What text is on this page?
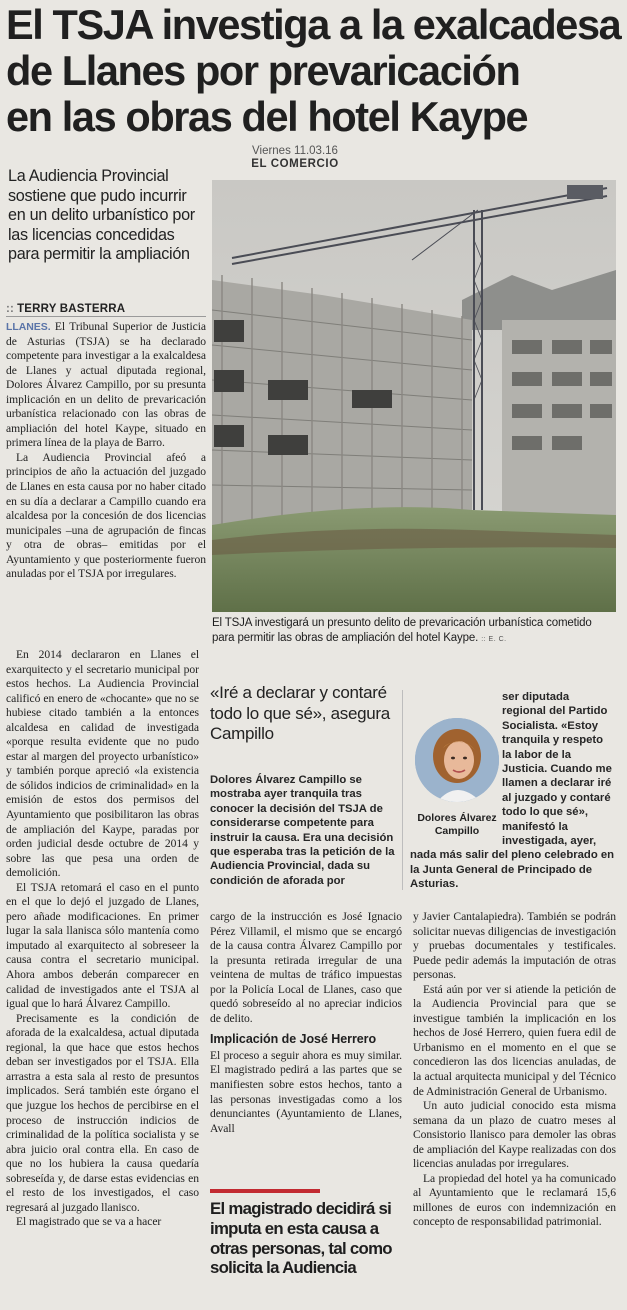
El TSJA investiga a la exalcadesa
de Llanes por prevaricación
en las obras del hotel Kaype
Viernes 11.03.16
EL COMERCIO
La Audiencia Provincial sostiene que pudo incurrir en un delito urbanístico por las licencias concedidas para permitir la ampliación
:: TERRY BASTERRA

LLANES. El Tribunal Superior de Justicia de Asturias (TSJA) se ha declarado competente para investigar a la exalcaldesa de Llanes y actual diputada regional, Dolores Álvarez Campillo, por su presunta implicación en un delito de prevaricación urbanística relacionado con las obras de ampliación del hotel Kaype, situado en primera línea de la playa de Barro.

La Audiencia Provincial afeó a principios de año la actuación del juzgado de Llanes en esta causa por no haber citado en su día a declarar a Campillo cuando era alcaldesa por la concesión de dos licencias municipales –una de agrupación de fincas y otra de obras– emitidas por el Ayuntamiento y que posteriormente fueron anuladas por el TSJA por irregulares.

El TSJA investigará un presunto delito de prevaricación urbanística cometido para permitir las obras de ampliación del hotel Kaype. :: E. C.

En 2014 declararon en Llanes el exarquitecto y el secretario municipal por estos hechos. La Audiencia Provincial calificó en enero de «chocante» que no se hubiese citado también a la entonces alcaldesa en calidad de investigada «porque resulta evidente que no pudo estar al margen del proyecto urbanístico» y también porque apreció «la existencia de sólidos indicios de criminalidad» en la emisión de estos dos permisos del Ayuntamiento que posibilitaron las obras de ampliación del Kaype, paradas por orden judicial desde octubre de 2014 y sobre las que pesa una orden de demolición.

El TSJA retomará el caso en el punto en el que lo dejó el juzgado de Llanes, pero añade modificaciones. En primer lugar la sala llanisca sólo mantenía como imputado al exarquitecto al sobreseer la causa contra el secretario municipal. Ahora ambos deberán comparecer en calidad de investigados ante el TSJA al igual que lo hará Álvarez Campillo.

Precisamente es la condición de aforada de la exalcaldesa, actual diputada regional, la que hace que estos hechos deban ser investigados por el TSJA. Ella arrastra a esta sala al resto de presuntos implicados. Será también este órgano el que juzgue los hechos de percibirse en el proceso de instrucción indicios de criminalidad de la política socialista y se abra juicio oral contra ella. En caso de que no los hubiera la causa quedaría sobreseída y, de darse estas evidencias en el resto de los investigados, el caso regresará al juzgado llanisco.

El magistrado que se va a hacer

«Iré a declarar y contaré todo lo que sé», asegura Campillo
Dolores Álvarez Campillo se mostraba ayer tranquila tras conocer la decisión del TSJA de considerarse competente para instruir la causa. Era una decisión que esperaba tras la petición de la Audiencia Provincial, dada su condición de aforada por
Dolores Álvarez Campillo
ser diputada regional del Partido Socialista. «Estoy tranquila y respeto la labor de la Justicia. Cuando me llamen a declarar iré al juzgado y contaré todo lo que sé», manifestó la investigada, ayer, nada más salir del pleno celebrado en la Junta General de Principado de Asturias.

cargo de la instrucción es José Ignacio Pérez Villamil, el mismo que se encargó de la causa contra Álvarez Campillo por la presunta retirada irregular de una veintena de multas de tráfico impuestas por la Policía Local de Llanes, caso que quedó sobreseído al no apreciar indicios de delito.

Implicación de José Herrero

El proceso a seguir ahora es muy similar. El magistrado pedirá a las partes que se manifiesten sobre estos hechos, tanto a las personas investigadas como a los denunciantes (Ayuntamiento de Llanes, Avall

El magistrado decidirá si imputa en esta causa a otras personas, tal como solicita la Audiencia

y Javier Cantalapiedra). También se podrán solicitar nuevas diligencias de investigación y pruebas documentales y testificales. Puede pedir además la imputación de otras personas.

Está aún por ver si atiende la petición de la Audiencia Provincial para que se investigue también la implicación en los hechos de José Herrero, quien fuera edil de Urbanismo en el momento en el que se concedieron las dos licencias anuladas, de la actual arquitecta municipal y del Técnico de Administración General de Urbanismo.

Un auto judicial conocido esta misma semana da un plazo de cuatro meses al Consistorio llanisco para demoler las obras de ampliación del Kaype realizadas con dos licencias anuladas por irregulares.

La propiedad del hotel ya ha comunicado al Ayuntamiento que le reclamará 15,6 millones de euros con indemnización en concepto de responsabilidad patrimonial.
